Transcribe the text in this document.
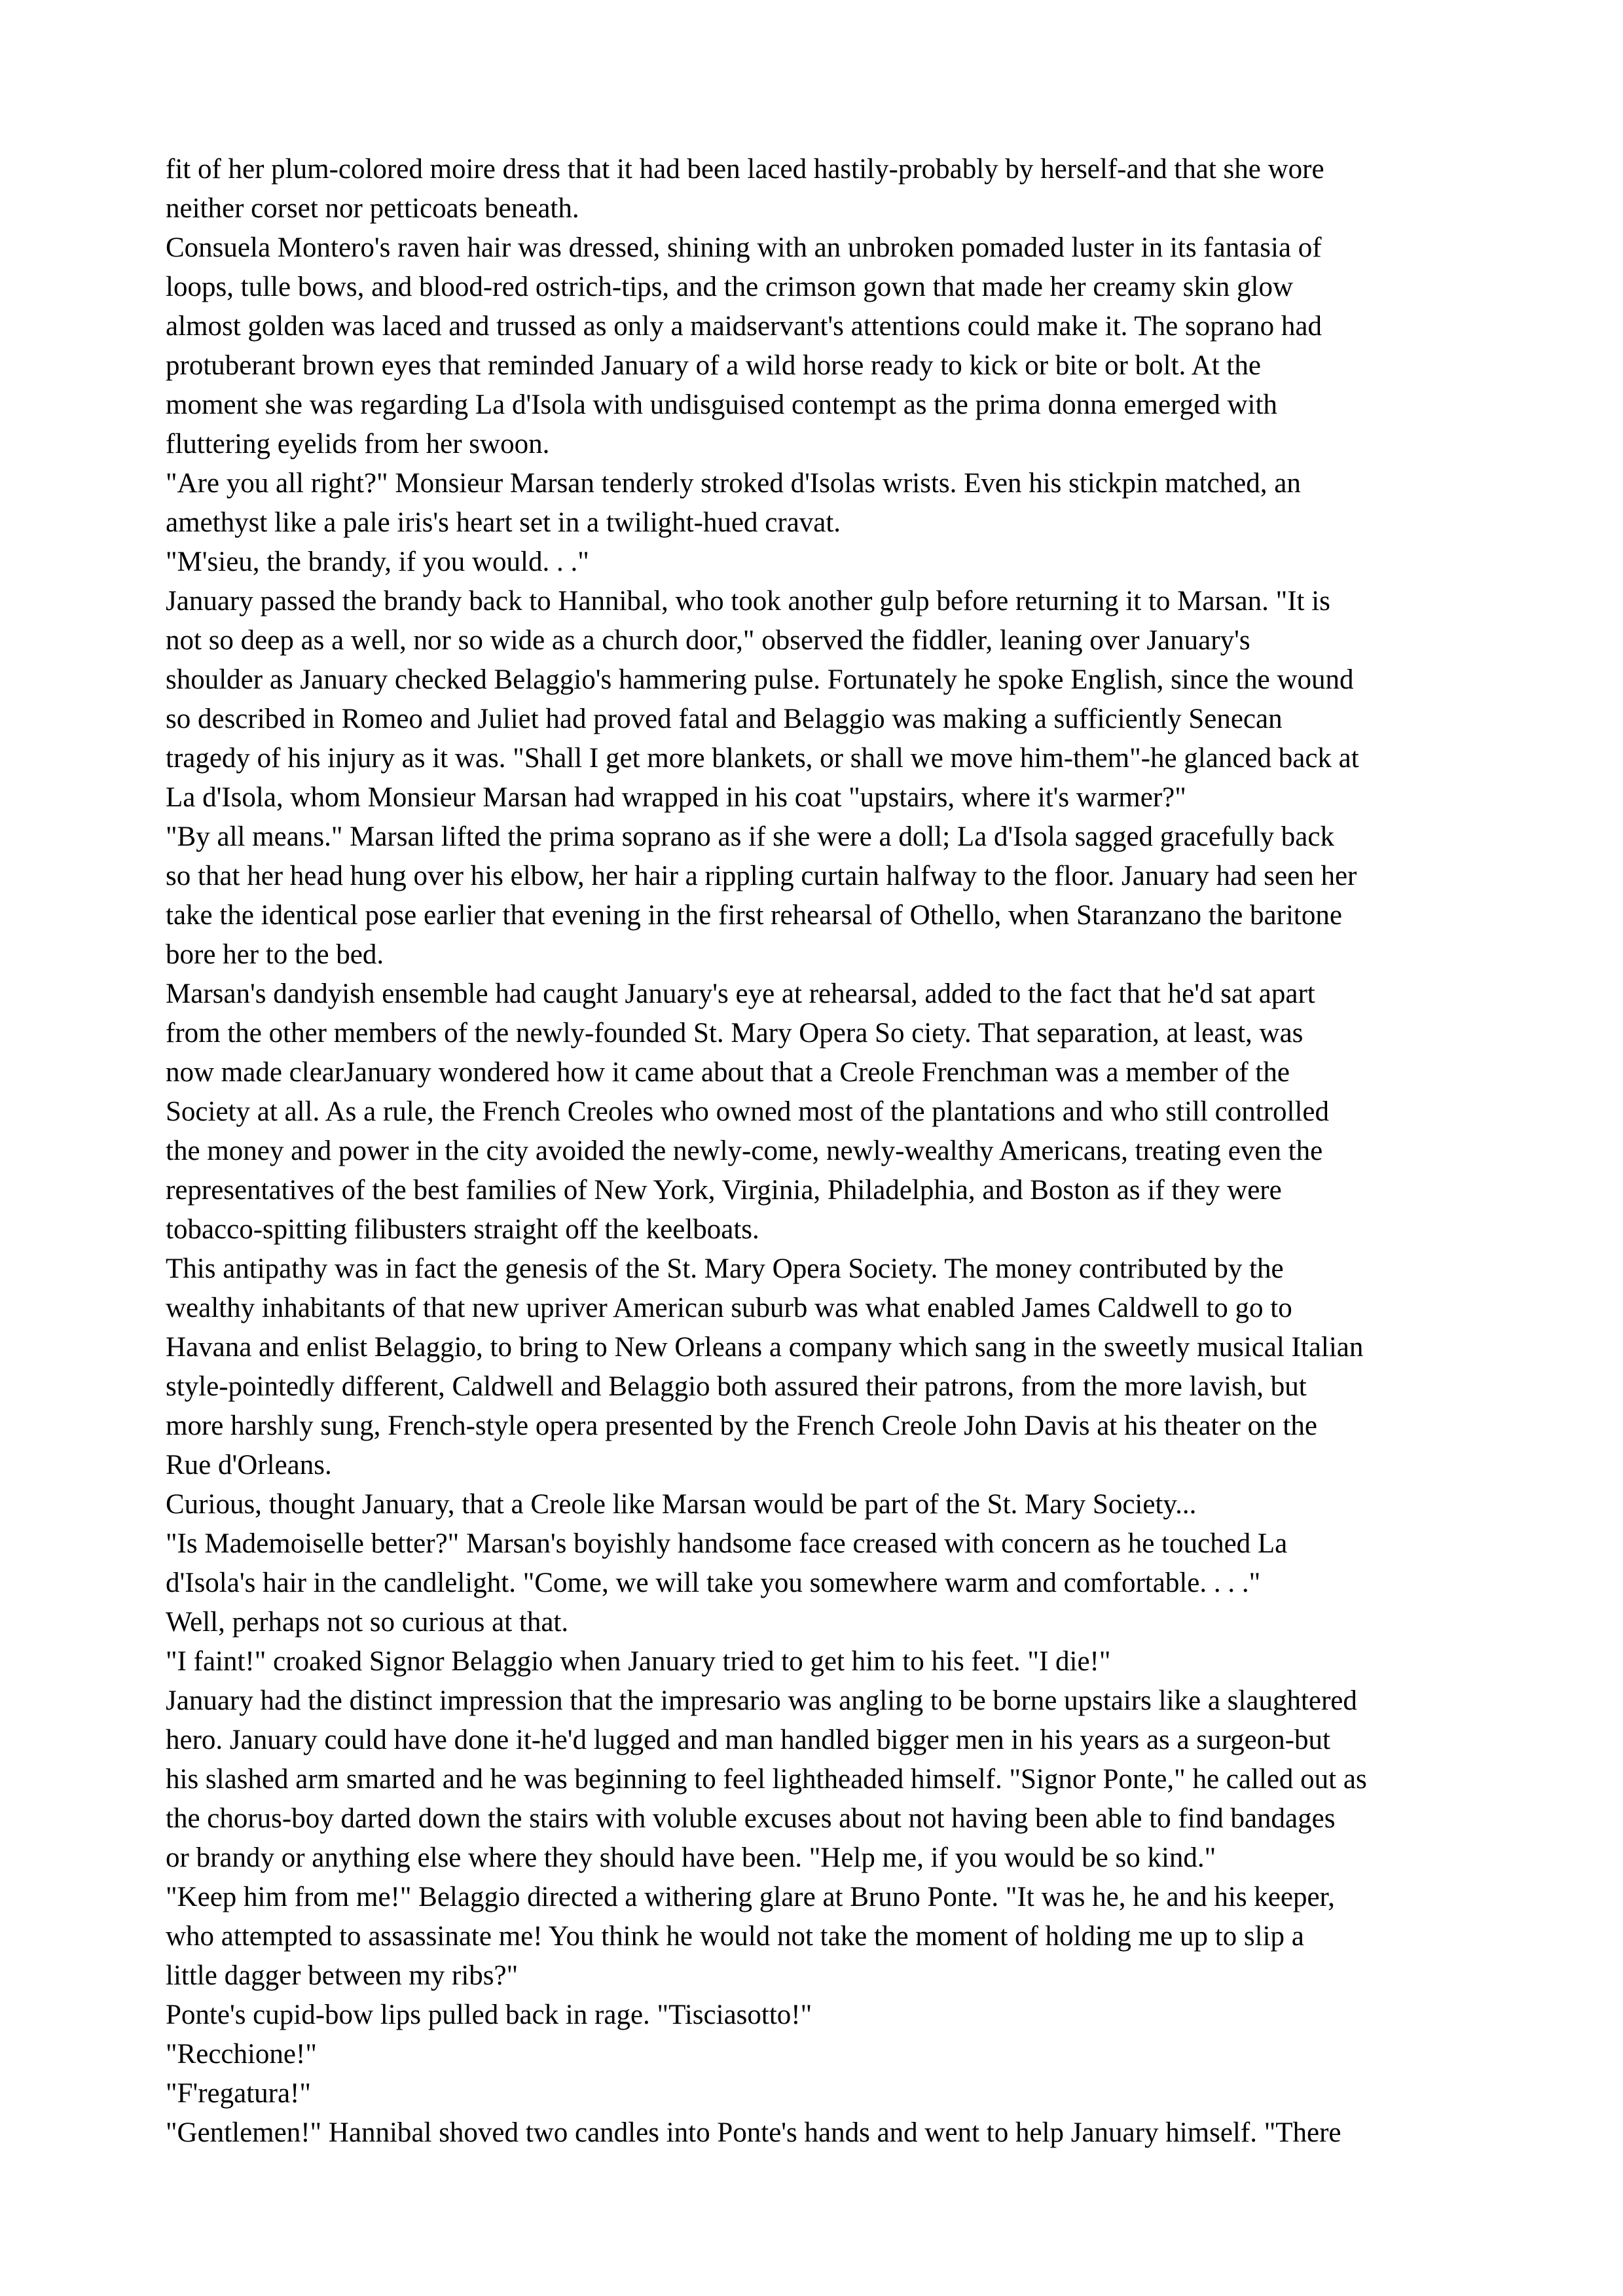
fit of her plum-colored moire dress that it had been laced hastily-probably by herself-and that she wore
neither corset nor petticoats beneath.

Consuela Montero's raven hair was dressed, shining with an unbroken pomaded luster in its fantasia of
loops, tulle bows, and blood-red ostrich-tips, and the crimson gown that made her creamy skin glow
almost golden was laced and trussed as only a maidservant's attentions could make it. The soprano had
protuberant brown eyes that reminded January of a wild horse ready to kick or bite or bolt. At the
moment she was regarding La d'Isola with undisguised contempt as the prima donna emerged with
fluttering eyelids from her swoon.

"Are you all right?" Monsieur Marsan tenderly stroked d'Isolas wrists. Even his stickpin matched, an
amethyst like a pale iris's heart set in a twilight-hued cravat.

"M'sieu, the brandy, if you would. . ."

January passed the brandy back to Hannibal, who took another gulp before returning it to Marsan. "It is
not so deep as a well, nor so wide as a church door," observed the fiddler, leaning over January's
shoulder as January checked Belaggio's hammering pulse. Fortunately he spoke English, since the wound
so described in Romeo and Juliet had proved fatal and Belaggio was making a sufficiently Senecan
tragedy of his injury as it was. "Shall I get more blankets, or shall we move him-them"-he glanced back at
La d'Isola, whom Monsieur Marsan had wrapped in his coat "upstairs, where it's warmer?"

"By all means." Marsan lifted the prima soprano as if she were a doll; La d'Isola sagged gracefully back
so that her head hung over his elbow, her hair a rippling curtain halfway to the floor. January had seen her
take the identical pose earlier that evening in the first rehearsal of Othello, when Staranzano the baritone
bore her to the bed.

Marsan's dandyish ensemble had caught January's eye at rehearsal, added to the fact that he'd sat apart
from the other members of the newly-founded St. Mary Opera So ciety. That separation, at least, was
now made clearJanuary wondered how it came about that a Creole Frenchman was a member of the
Society at all. As a rule, the French Creoles who owned most of the plantations and who still controlled
the money and power in the city avoided the newly-come, newly-wealthy Americans, treating even the
representatives of the best families of New York, Virginia, Philadelphia, and Boston as if they were
tobacco-spitting filibusters straight off the keelboats.

This antipathy was in fact the genesis of the St. Mary Opera Society. The money contributed by the
wealthy inhabitants of that new upriver American suburb was what enabled James Caldwell to go to
Havana and enlist Belaggio, to bring to New Orleans a company which sang in the sweetly musical Italian
style-pointedly different, Caldwell and Belaggio both assured their patrons, from the more lavish, but
more harshly sung, French-style opera presented by the French Creole John Davis at his theater on the
Rue d'Orleans.

Curious, thought January, that a Creole like Marsan would be part of the St. Mary Society...

"Is Mademoiselle better?" Marsan's boyishly handsome face creased with concern as he touched La
d'Isola's hair in the candlelight. "Come, we will take you somewhere warm and comfortable. . . ."

Well, perhaps not so curious at that.

"I faint!" croaked Signor Belaggio when January tried to get him to his feet. "I die!"

January had the distinct impression that the impresario was angling to be borne upstairs like a slaughtered
hero. January could have done it-he'd lugged and man handled bigger men in his years as a surgeon-but
his slashed arm smarted and he was beginning to feel lightheaded himself. "Signor Ponte," he called out as
the chorus-boy darted down the stairs with voluble excuses about not having been able to find bandages
or brandy or anything else where they should have been. "Help me, if you would be so kind."

"Keep him from me!" Belaggio directed a withering glare at Bruno Ponte. "It was he, he and his keeper,
who attempted to assassinate me! You think he would not take the moment of holding me up to slip a
little dagger between my ribs?"

Ponte's cupid-bow lips pulled back in rage. "Tisciasotto!"

"Recchione!"

"F'regatura!"

"Gentlemen!" Hannibal shoved two candles into Ponte's hands and went to help January himself. "There
